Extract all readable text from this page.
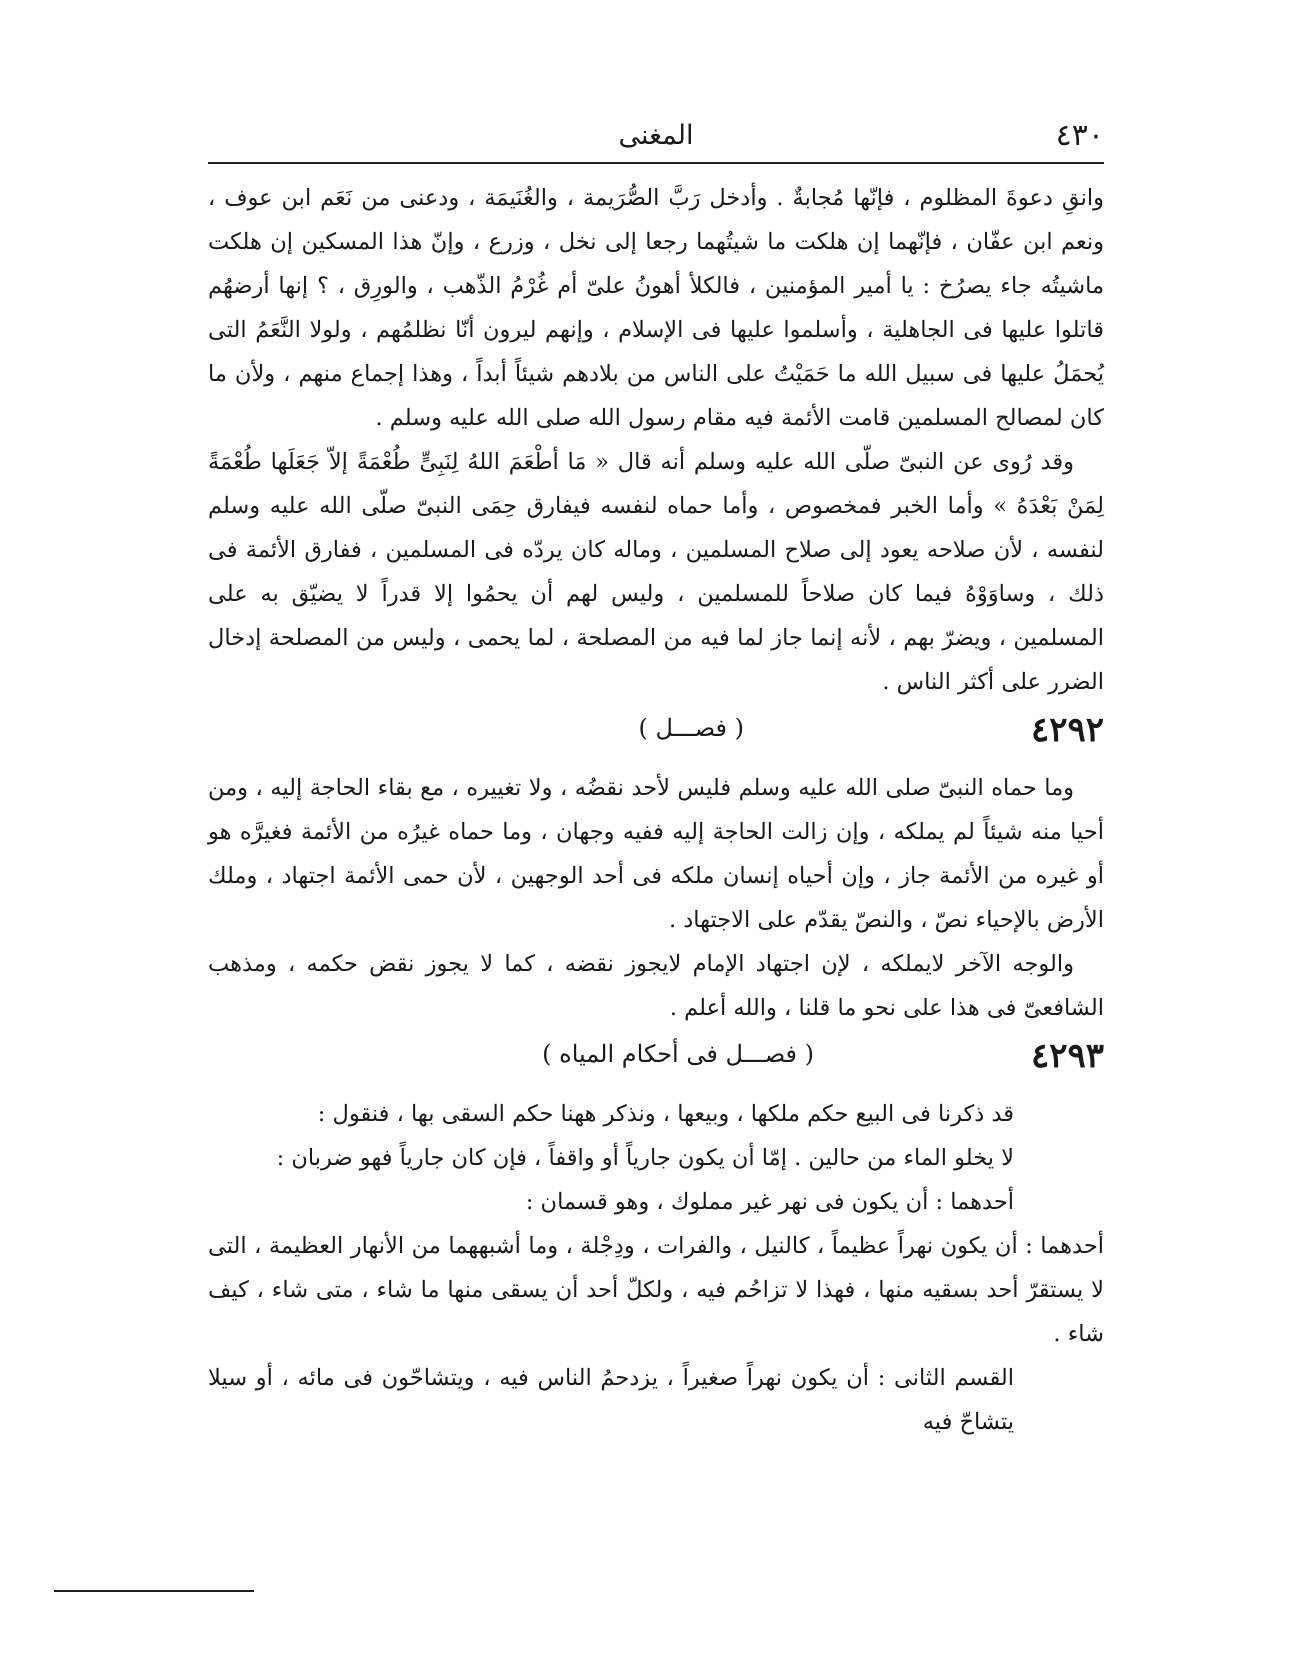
٤٣٠
المغنى

وانقِ دعوةَ المظلوم ، فإنّها مُجابةٌ . وأدخل رَبَّ الصُّرَيمة ، والغُنَيمَة ، ودعنى من نَعَم ابن عوف ، ونعم ابن عفّان ، فإنّهما إن هلكت ما شيتُهما رجعا إلى نخل ، وزرع ، وإنّ هذا المسكين إن هلكت ماشيتُه جاء يصرُخ : يا أمير المؤمنين ، فالكلأ أهونُ علىّ أم غُرْمُ الذّهب ، والورِق ، ؟ إنها أرضهُم قاتلوا عليها فى الجاهلية ، وأسلموا عليها فى الإسلام ، وإنهم ليرون أنّا نظلمُهم ، ولولا النَّعَمُ التى يُحمَلُ عليها فى سبيل الله ما حَمَيْتُ على الناس من بلادهم شيئاً أبداً ، وهذا إجماع منهم ، ولأن ما كان لمصالح المسلمين قامت الأئمة فيه مقام رسول الله صلى الله عليه وسلم .

وقد رُوى عن النبىّ صلّى الله عليه وسلم أنه قال « مَا أطْعَمَ اللهُ لِنَبِىٍّ طُعْمَةً إلاّ جَعَلَها طُعْمَةً لِمَنْ بَعْدَهُ » وأما الخبر فمخصوص ، وأما حماه لنفسه فيفارق حِمَى النبىّ صلّى الله عليه وسلم لنفسه ، لأن صلاحه يعود إلى صلاح المسلمين ، وماله كان يردّه فى المسلمين ، ففارق الأئمة فى ذلك ، وساوَوْهُ فيما كان صلاحاً للمسلمين ، وليس لهم أن يحمُوا إلا قدراً لا يضيّق به على المسلمين ، ويضرّ بهم ، لأنه إنما جاز لما فيه من المصلحة ، لما يحمى ، وليس من المصلحة إدخال الضرر على أكثر الناس .

٤٢٩٢
( فصـــل )

وما حماه النبىّ صلى الله عليه وسلم فليس لأحد نقضُه ، ولا تغييره ، مع بقاء الحاجة إليه ، ومن أحيا منه شيئاً لم يملكه ، وإن زالت الحاجة إليه ففيه وجهان ، وما حماه غيرُه من الأئمة فغيرَّه هو أو غيره من الأئمة جاز ، وإن أحياه إنسان ملكه فى أحد الوجهين ، لأن حمى الأئمة اجتهاد ، وملك الأرض بالإحياء نصّ ، والنصّ يقدّم على الاجتهاد .

والوجه الآخر لايملكه ، لإن اجتهاد الإمام لايجوز نقضه ، كما لا يجوز نقض حكمه ، ومذهب الشافعىّ فى هذا على نحو ما قلنا ، والله أعلم .

٤٢٩٣
( فصـــل فى أحكام المياه )

قد ذكرنا فى البيع حكم ملكها ، وبيعها ، ونذكر ههنا حكم السقى بها ، فنقول :

لا يخلو الماء من حالين . إمّا أن يكون جارياً أو واقفاً ، فإن كان جارياً فهو ضربان :

أحدهما : أن يكون فى نهر غير مملوك ، وهو قسمان :

أحدهما : أن يكون نهراً عظيماً ، كالنيل ، والفرات ، ودِجْلة ، وما أشبههما من الأنهار العظيمة ، التى لا يستقرّ أحد بسقيه منها ، فهذا لا تزاحُم فيه ، ولكلّ أحد أن يسقى منها ما شاء ، متى شاء ، كيف شاء .

القسم الثانى : أن يكون نهراً صغيراً ، يزدحمُ الناس فيه ، ويتشاحّون فى مائه ، أو سيلا يتشاحّ فيه
